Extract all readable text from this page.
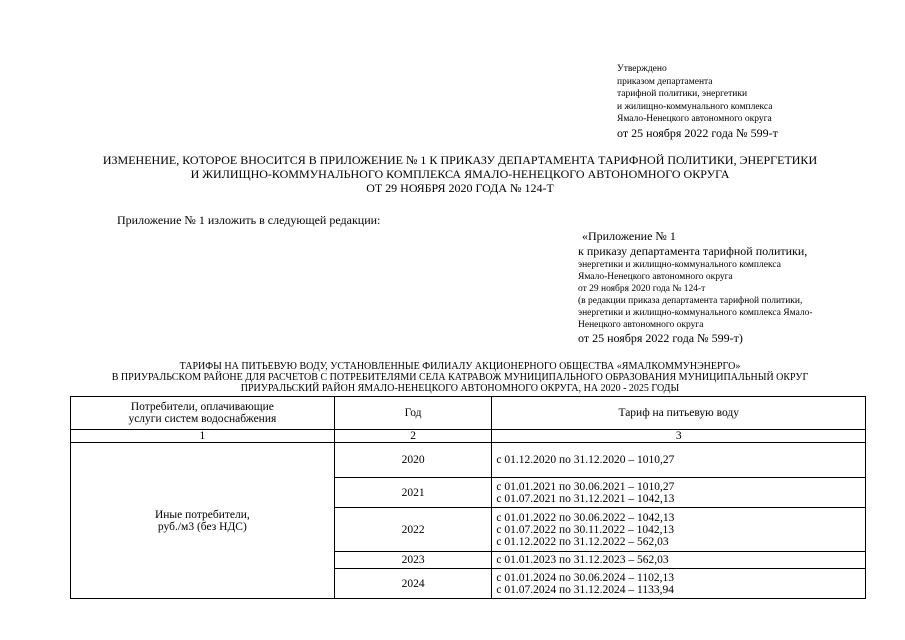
Утверждено
приказом департамента
тарифной политики, энергетики
и жилищно-коммунального комплекса
Ямало-Ненецкого автономного округа
от 25 ноября 2022 года № 599-т
ИЗМЕНЕНИЕ, КОТОРОЕ ВНОСИТСЯ В ПРИЛОЖЕНИЕ № 1 К ПРИКАЗУ ДЕПАРТАМЕНТА ТАРИФНОЙ ПОЛИТИКИ, ЭНЕРГЕТИКИ
И ЖИЛИЩНО-КОММУНАЛЬНОГО КОМПЛЕКСА ЯМАЛО-НЕНЕЦКОГО АВТОНОМНОГО ОКРУГА
ОТ 29 НОЯБРЯ 2020 ГОДА № 124-Т
Приложение № 1 изложить в следующей редакции:
«Приложение № 1
к приказу департамента тарифной политики,
энергетики и жилищно-коммунального комплекса
Ямало-Ненецкого автономного округа
от 29 ноября 2020 года № 124-т
(в редакции приказа департамента тарифной политики,
энергетики и жилищно-коммунального комплекса Ямало-
Ненецкого автономного округа
от 25 ноября 2022 года № 599-т)
ТАРИФЫ НА ПИТЬЕВУЮ ВОДУ, УСТАНОВЛЕННЫЕ ФИЛИАЛУ АКЦИОНЕРНОГО ОБЩЕСТВА «ЯМАЛКОММУНЭНЕРГО»
В ПРИУРАЛЬСКОМ РАЙОНЕ ДЛЯ РАСЧЕТОВ С ПОТРЕБИТЕЛЯМИ СЕЛА КАТРАВОЖ МУНИЦИПАЛЬНОГО ОБРАЗОВАНИЯ МУНИЦИПАЛЬНЫЙ ОКРУГ
ПРИУРАЛЬСКИЙ РАЙОН ЯМАЛО-НЕНЕЦКОГО АВТОНОМНОГО ОКРУГА, НА 2020 - 2025 ГОДЫ
Потребители, оплачивающие
услуги систем водоснабжения	Год	Тариф на питьевую воду
1	2	3

Иные потребители,
руб./м3 (без НДС)	2020	с 01.12.2020 по 31.12.2020 – 1010,27

	2021	с 01.01.2021 по 30.06.2021 – 1010,27
с 01.07.2021 по 31.12.2021 – 1042,13

	2022	с 01.01.2022 по 30.06.2022 – 1042,13
с 01.07.2022 по 30.11.2022 – 1042,13
с 01.12.2022 по 31.12.2022 – 562,03

	2023	с 01.01.2023 по 31.12.2023 – 562,03

	2024	с 01.01.2024 по 30.06.2024 – 1102,13
с 01.07.2024 по 31.12.2024 – 1133,94
